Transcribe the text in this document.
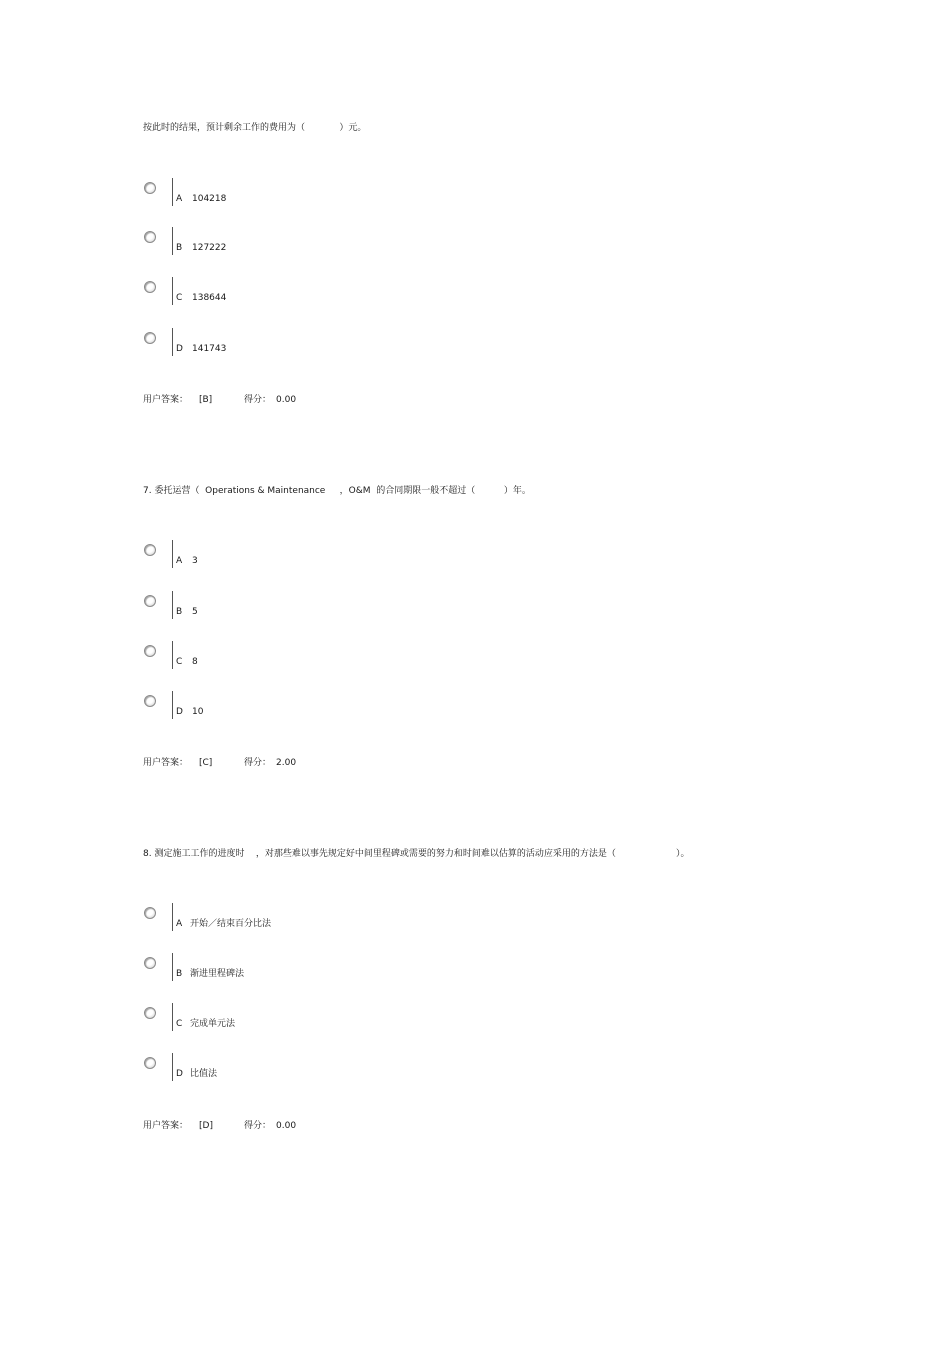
按此时的结果，预计剩余工作的费用为（            ）元。
A 104218
B 127222
C 138644
D 141743

用户答案：

[B]

	得分：

0.00

7. 委托运营（  Operations & Maintenance     ，O&M  的合同期限一般不超过（          ）年。
A 3
B 5
C 8
D 10

用户答案：

[C]

	得分：

2.00

8. 测定施工工作的进度时    ，对那些难以事先规定好中间里程碑或需要的努力和时间难以估算的活动应采用的方法是（                     ）。
A 开始／结束百分比法
B 渐进里程碑法
C 完成单元法
D 比值法

用户答案：

[D]

	得分：

0.00
